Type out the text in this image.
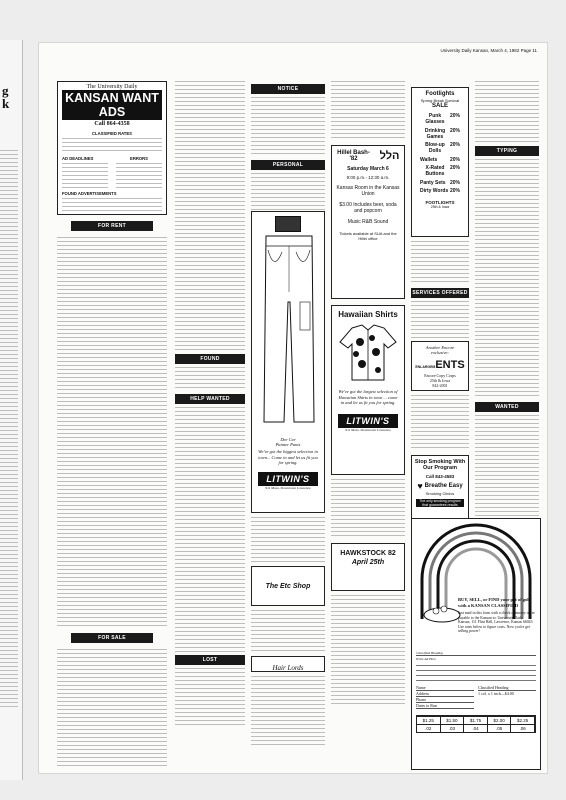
g
k
University Daily Kansan, March 4, 1982 Page 11
The University Daily
KANSAN WANT ADS
Call 864-4358
CLASSIFIED RATES
AD DEADLINES	ERRORS
FOUND ADVERTISEMENTS
FOR RENT
FOR SALE
FOUND
HELP WANTED
LOST
NOTICE
PERSONAL
Dee Cee
Painter Pants
We've got the biggest selection in town... Come in and let us fit you for spring.
LITWIN'S
911 Mass. Downtown Lawrence
The Etc Shop
Hair Lords
Hillel Bash-'82	הלל
Saturday March 6
9:00 p.m.- 12:30 a.m.
Kansas Room in the Kansas Union
$3.00 Includes beer, soda and popcorn
Music R&B Sound
Tickets available at SUA and the Hillel office
Hawaiian Shirts
We've got the largest selection of Hawaiian Shirts in town ... come in and let us fit you for spring.
LITWIN'S
911 Mass. Downtown Lawrence
HAWKSTOCK 82
April 25th
Footlights
Spring Break Survival
SALE
Punk Glasses
20%
Drinking Games
20%
Blow-up Dolls
20%
Wallets	20%
X-Rated Buttons
20%
Panty Sets 20%
Dirty Words 20%
FOOTLIGHTS
25th & Iowa
SERVICES OFFERED
Another Encore
exclusive:
ENLARGEMENTS
Encore Copy Corps
25th & Iowa
842-2001
Stop Smoking With Our Program
Call 843-4583
♥ Breathe Easy
Smoking Clinics
The only smoking program that guarantees results
TYPING
WANTED
BUY, SELL, or FIND your pot of gold with a KANSAN CLASSIFIED
Just mail in this form with a check or money order payable to the Kansan to: University Daily Kansan, 111 Flint Hall, Lawrence, Kansas 66045. Use rates below to figure costs. Now you're get selling power!
Classified Heading
Write Ad Here
Name
Address
Phone
Dates to Run
Classified Heading
1 col. x 1 inch—$4.00
$1.25	$1.50	$1.75	$2.00	$2.25
.02	.03	.04	.05	.06
